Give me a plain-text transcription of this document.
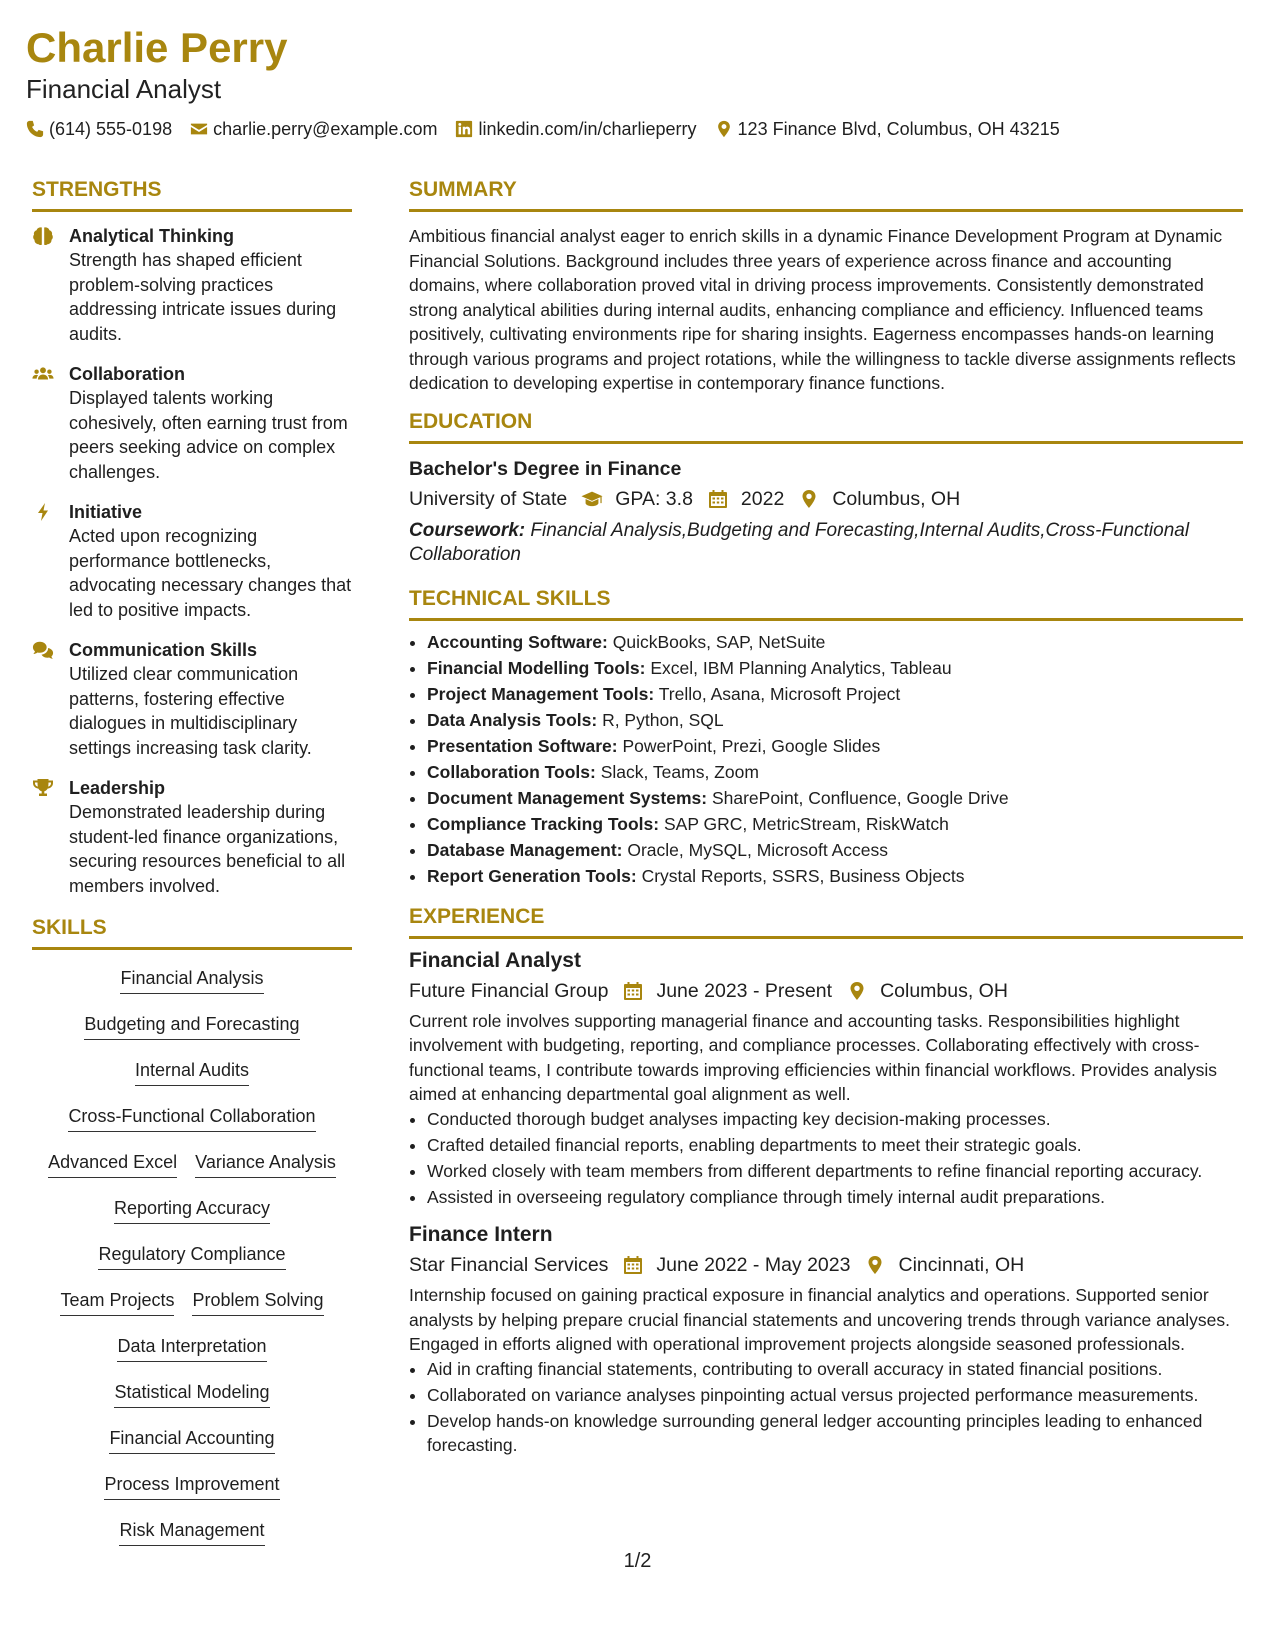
Charlie Perry
Financial Analyst
(614) 555-0198 charlie.perry@example.com linkedin.com/in/charlieperry 123 Finance Blvd, Columbus, OH 43215
STRENGTHS
Analytical Thinking
Strength has shaped efficient problem-solving practices addressing intricate issues during audits.
Collaboration
Displayed talents working cohesively, often earning trust from peers seeking advice on complex challenges.
Initiative
Acted upon recognizing performance bottlenecks, advocating necessary changes that led to positive impacts.
Communication Skills
Utilized clear communication patterns, fostering effective dialogues in multidisciplinary settings increasing task clarity.
Leadership
Demonstrated leadership during student-led finance organizations, securing resources beneficial to all members involved.
SKILLS
Financial Analysis
Budgeting and Forecasting
Internal Audits
Cross-Functional Collaboration
Advanced Excel Variance Analysis
Reporting Accuracy
Regulatory Compliance
Team Projects Problem Solving
Data Interpretation
Statistical Modeling
Financial Accounting
Process Improvement
Risk Management
SUMMARY
Ambitious financial analyst eager to enrich skills in a dynamic Finance Development Program at Dynamic Financial Solutions. Background includes three years of experience across finance and accounting domains, where collaboration proved vital in driving process improvements. Consistently demonstrated strong analytical abilities during internal audits, enhancing compliance and efficiency. Influenced teams positively, cultivating environments ripe for sharing insights. Eagerness encompasses hands-on learning through various programs and project rotations, while the willingness to tackle diverse assignments reflects dedication to developing expertise in contemporary finance functions.
EDUCATION
Bachelor's Degree in Finance
University of State GPA: 3.8 2022 Columbus, OH
Coursework: Financial Analysis,Budgeting and Forecasting,Internal Audits,Cross-Functional Collaboration
TECHNICAL SKILLS
• Accounting Software: QuickBooks, SAP, NetSuite
• Financial Modelling Tools: Excel, IBM Planning Analytics, Tableau
• Project Management Tools: Trello, Asana, Microsoft Project
• Data Analysis Tools: R, Python, SQL
• Presentation Software: PowerPoint, Prezi, Google Slides
• Collaboration Tools: Slack, Teams, Zoom
• Document Management Systems: SharePoint, Confluence, Google Drive
• Compliance Tracking Tools: SAP GRC, MetricStream, RiskWatch
• Database Management: Oracle, MySQL, Microsoft Access
• Report Generation Tools: Crystal Reports, SSRS, Business Objects
EXPERIENCE
Financial Analyst
Future Financial Group June 2023 - Present Columbus, OH
Current role involves supporting managerial finance and accounting tasks. Responsibilities highlight involvement with budgeting, reporting, and compliance processes. Collaborating effectively with cross-functional teams, I contribute towards improving efficiencies within financial workflows. Provides analysis aimed at enhancing departmental goal alignment as well.
• Conducted thorough budget analyses impacting key decision-making processes.
• Crafted detailed financial reports, enabling departments to meet their strategic goals.
• Worked closely with team members from different departments to refine financial reporting accuracy.
• Assisted in overseeing regulatory compliance through timely internal audit preparations.
Finance Intern
Star Financial Services June 2022 - May 2023 Cincinnati, OH
Internship focused on gaining practical exposure in financial analytics and operations. Supported senior analysts by helping prepare crucial financial statements and uncovering trends through variance analyses. Engaged in efforts aligned with operational improvement projects alongside seasoned professionals.
• Aid in crafting financial statements, contributing to overall accuracy in stated financial positions.
• Collaborated on variance analyses pinpointing actual versus projected performance measurements.
• Develop hands-on knowledge surrounding general ledger accounting principles leading to enhanced forecasting.
1/2
